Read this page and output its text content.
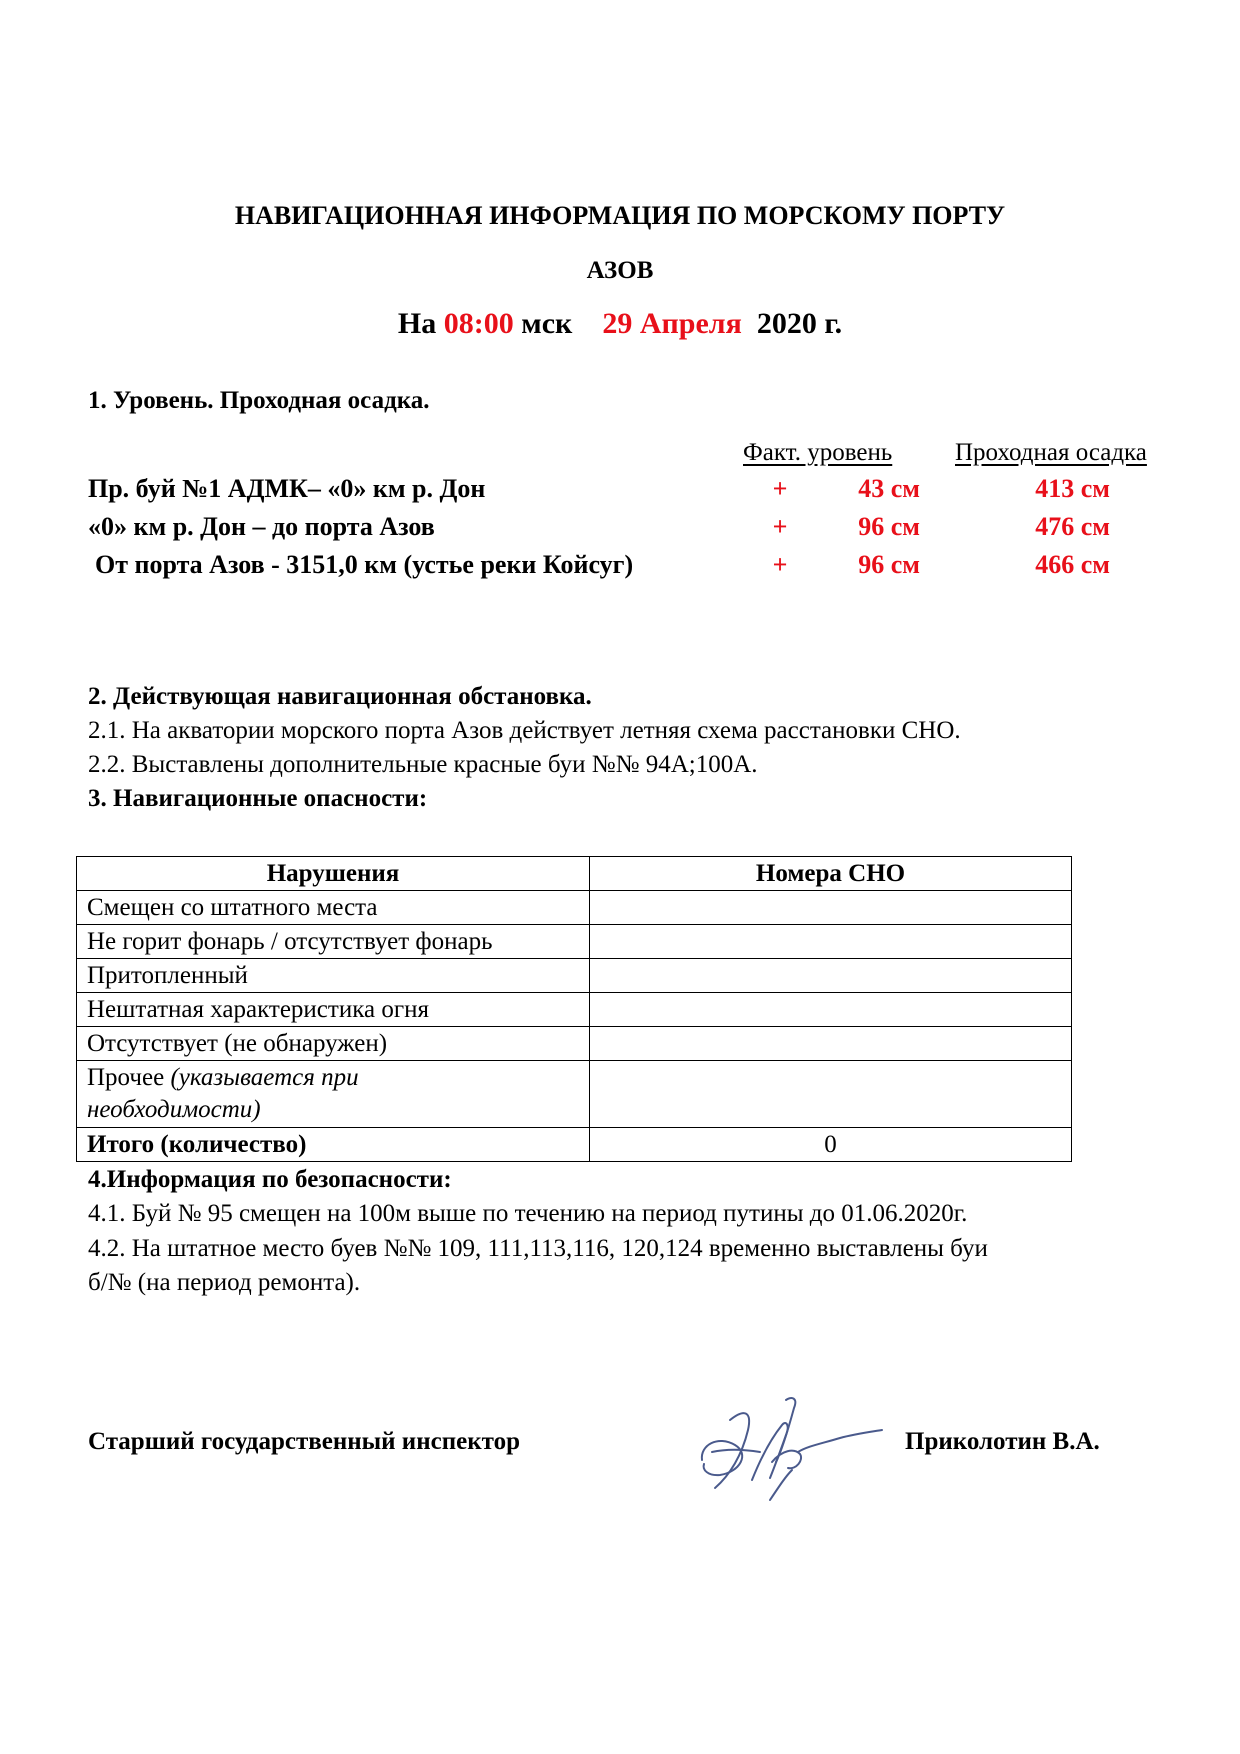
НАВИГАЦИОННАЯ ИНФОРМАЦИЯ ПО МОРСКОМУ ПОРТУ
АЗОВ
На 08:00 мск 29 Апреля 2020 г.
1. Уровень. Проходная осадка.
Факт. уровень	Проходная осадка
Пр. буй №1 АДМК– «0» км р. Дон	+	43 см	413 см
«0» км р. Дон – до порта Азов	+	96 см	476 см
От порта Азов - 3151,0 км (устье реки Койсуг)	+	96 см	466 см
2. Действующая навигационная обстановка.
2.1. На акватории морского порта Азов действует летняя схема расстановки СНО.
2.2. Выставлены дополнительные красные буи №№ 94А;100А.
3. Навигационные опасности:
Нарушения	Номера СНО
Смещен со штатного места	
Не горит фонарь / отсутствует фонарь	
Притопленный	
Нештатная характеристика огня	
Отсутствует (не обнаружен)	
Прочее (указывается при
необходимости)	
Итого (количество)	0
4.Информация по безопасности:
4.1. Буй № 95 смещен на 100м выше по течению на период путины до 01.06.2020г.
4.2. На штатное место буев №№ 109, 111,113,116, 120,124 временно выставлены буи
б/№ (на период ремонта).
Старший государственный инспектор	Приколотин В.А.
